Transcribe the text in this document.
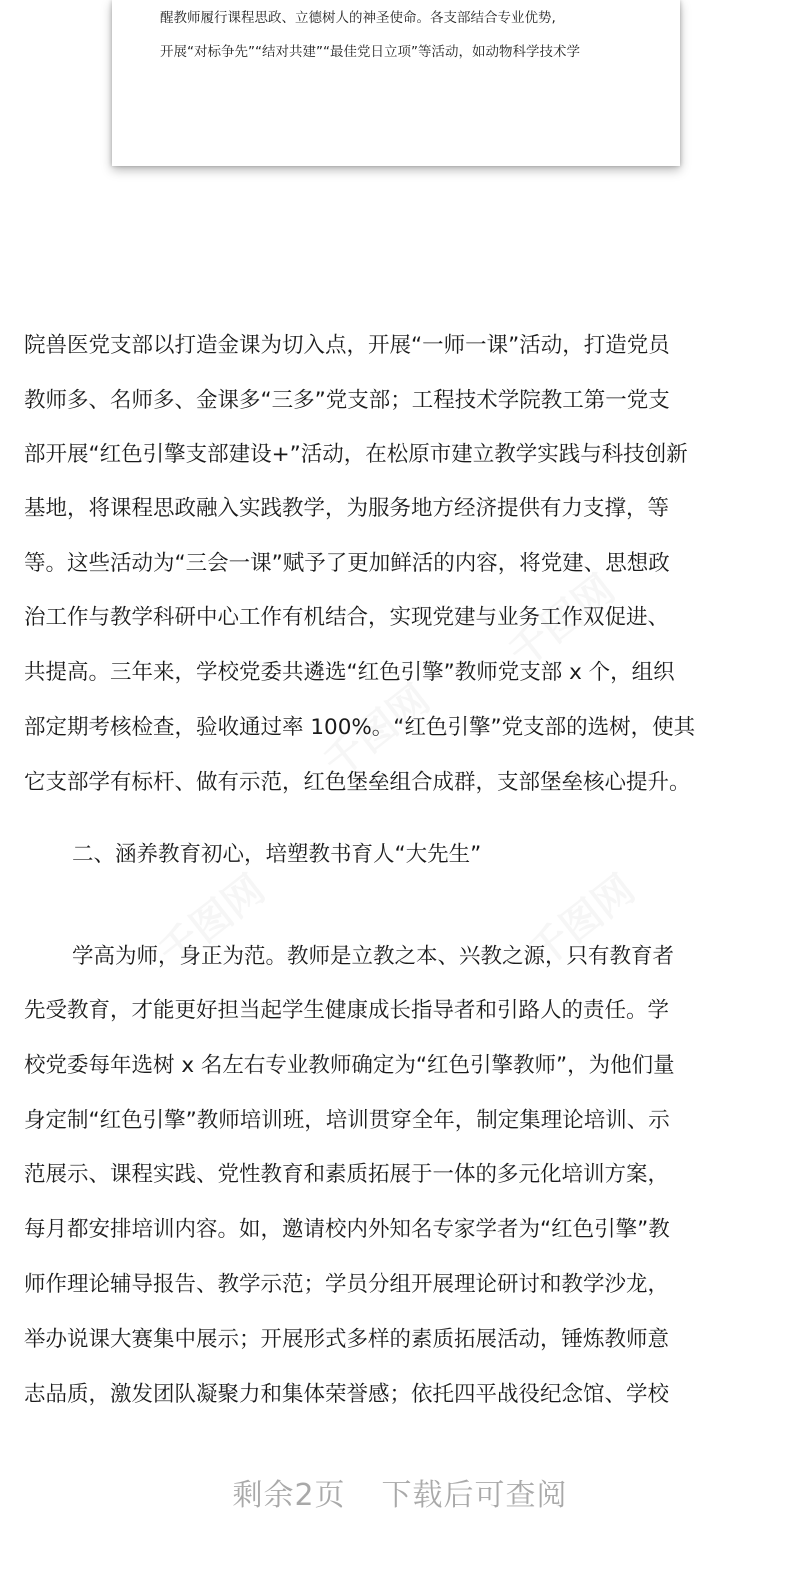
醒教师履行课程思政、立德树人的神圣使命。各支部结合专业优势,
开展“对标争先”“结对共建”“最佳党日立项”等活动，如动物科学技术学
千图网
千图网	千图网
千图网
院兽医党支部以打造金课为切入点，开展“一师一课”活动，打造党员
教师多、名师多、金课多“三多”党支部；工程技术学院教工第一党支
部开展“红色引擎支部建设+”活动，在松原市建立教学实践与科技创新
基地，将课程思政融入实践教学，为服务地方经济提供有力支撑，等
等。这些活动为“三会一课”赋予了更加鲜活的内容，将党建、思想政
治工作与教学科研中心工作有机结合，实现党建与业务工作双促进、
共提高。三年来，学校党委共遴选“红色引擎”教师党支部 x 个，组织
部定期考核检查，验收通过率 100%。“红色引擎”党支部的选树，使其
它支部学有标杆、做有示范，红色堡垒组合成群，支部堡垒核心提升。
二、涵养教育初心，培塑教书育人“大先生”
学高为师，身正为范。教师是立教之本、兴教之源，只有教育者
先受教育，才能更好担当起学生健康成长指导者和引路人的责任。学
校党委每年选树 x 名左右专业教师确定为“红色引擎教师”，为他们量
身定制“红色引擎”教师培训班，培训贯穿全年，制定集理论培训、示
范展示、课程实践、党性教育和素质拓展于一体的多元化培训方案，
每月都安排培训内容。如，邀请校内外知名专家学者为“红色引擎”教
师作理论辅导报告、教学示范；学员分组开展理论研讨和教学沙龙，
举办说课大赛集中展示；开展形式多样的素质拓展活动，锤炼教师意
志品质，激发团队凝聚力和集体荣誉感；依托四平战役纪念馆、学校
剩余2页 下载后可查阅
